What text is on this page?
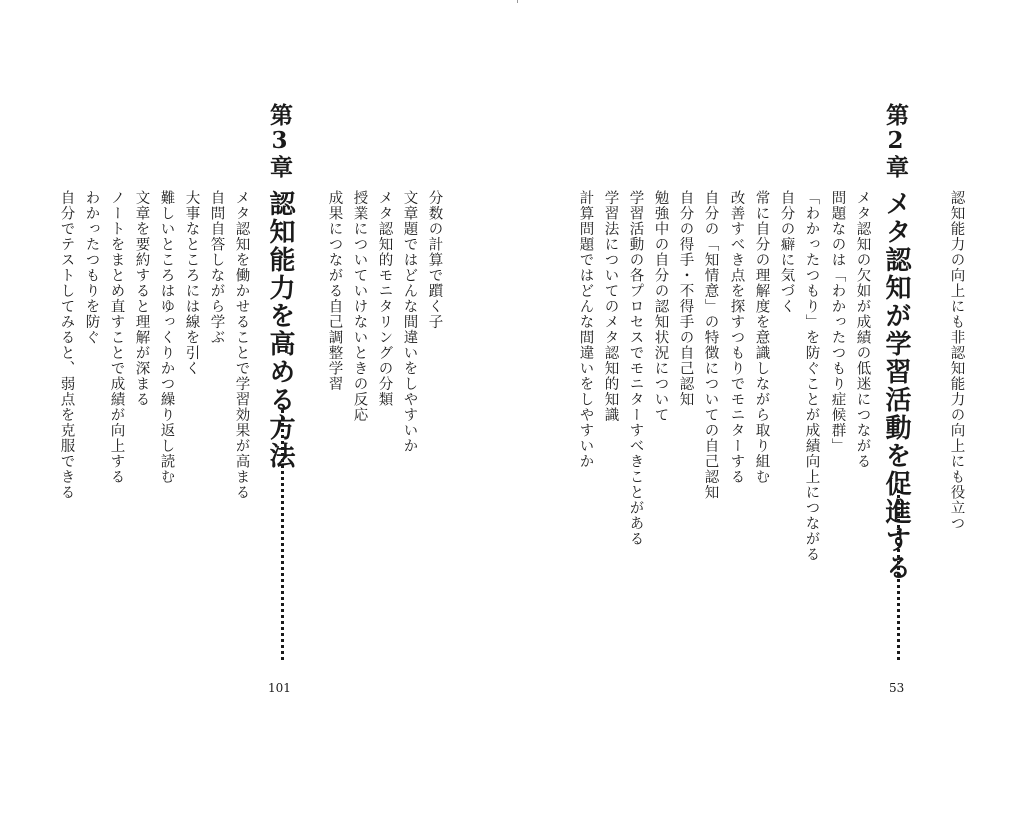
認知能力の向上にも非認知能力の向上にも役立つ
第2章
メタ認知が学習活動を促進する
メタ認知の欠如が成績の低迷につながる
問題なのは「わかったつもり症候群」
「わかったつもり」を防ぐことが成績向上につながる
自分の癖に気づく
常に自分の理解度を意識しながら取り組む
改善すべき点を探すつもりでモニターする
自分の「知情意」の特徴についての自己認知
自分の得手・不得手の自己認知
勉強中の自分の認知状況について
学習活動の各プロセスでモニターすべきことがある
学習法についてのメタ認知的知識
計算問題ではどんな間違いをしやすいか
53
分数の計算で躓く子
文章題ではどんな間違いをしやすいか
メタ認知的モニタリングの分類
授業についていけないときの反応
成果につながる自己調整学習
第3章
認知能力を高める方法
メタ認知を働かせることで学習効果が高まる
自問自答しながら学ぶ
大事なところには線を引く
難しいところはゆっくりかつ繰り返し読む
文章を要約すると理解が深まる
ノートをまとめ直すことで成績が向上する
わかったつもりを防ぐ
自分でテストしてみると、弱点を克服できる
101
